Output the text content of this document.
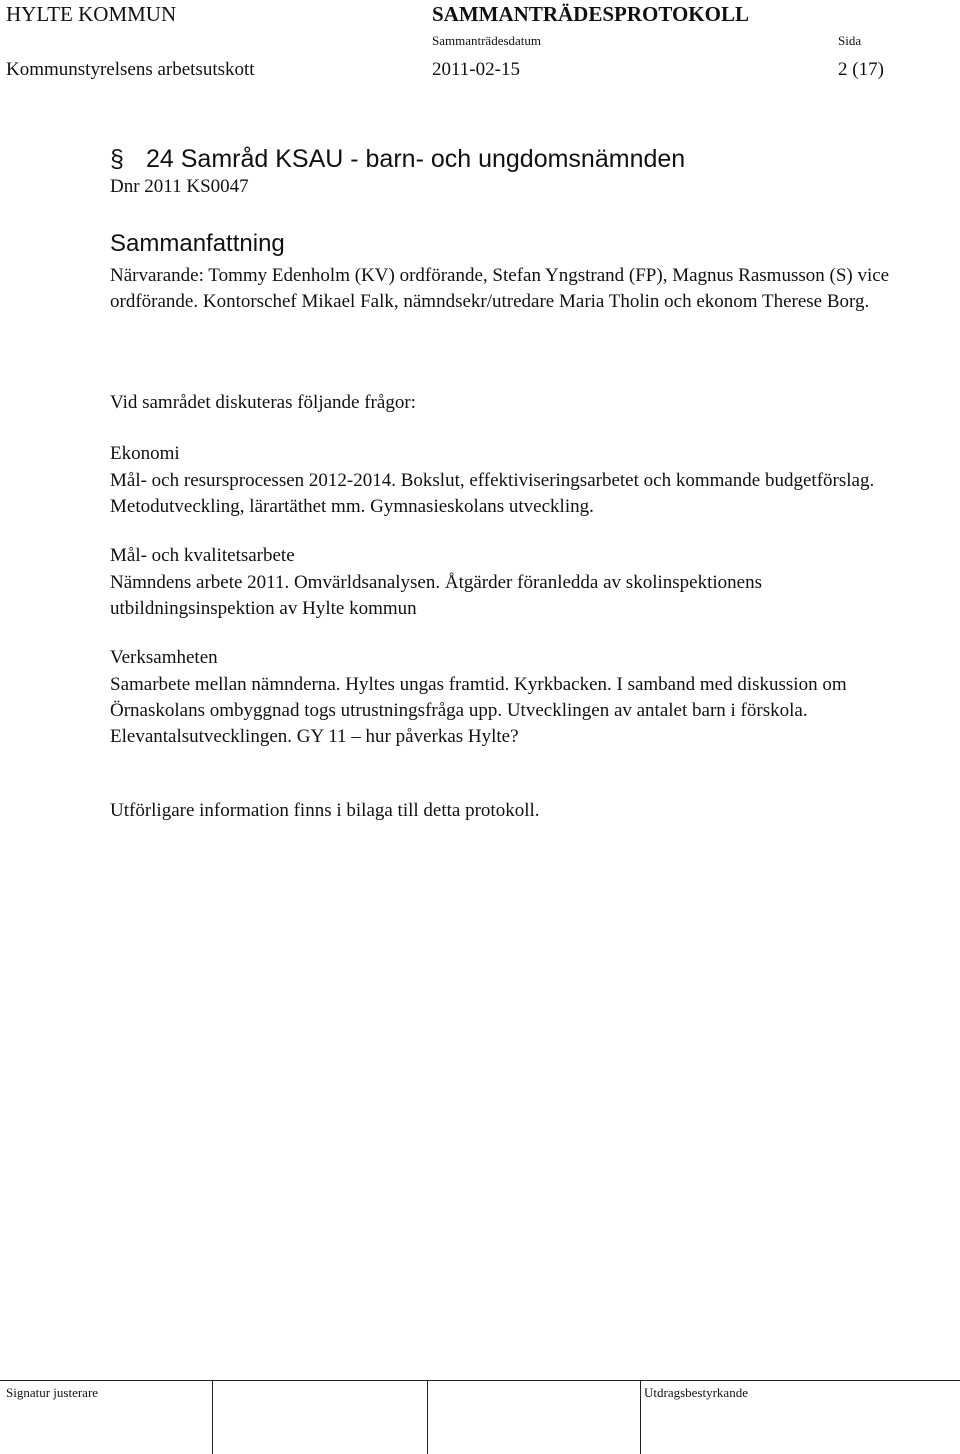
HYLTE KOMMUN	SAMMANTRÄDESPROTOKOLL
Sammanträdesdatum	Sida
Kommunstyrelsens arbetsutskott	2011-02-15	2 (17)
§ 24 Samråd KSAU - barn- och ungdomsnämnden
Dnr 2011 KS0047
Sammanfattning
Närvarande: Tommy Edenholm (KV) ordförande, Stefan Yngstrand (FP), Magnus Rasmusson (S) vice ordförande. Kontorschef Mikael Falk, nämndsekr/utredare Maria Tholin och ekonom Therese Borg.
Vid samrådet diskuteras följande frågor:
Ekonomi
Mål- och resursprocessen 2012-2014. Bokslut, effektiviseringsarbetet och kommande budgetförslag. Metodutveckling, lärartäthet mm. Gymnasieskolans utveckling.
Mål- och kvalitetsarbete
Nämndens arbete 2011. Omvärldsanalysen. Åtgärder föranledda av skolinspektionens utbildningsinspektion av Hylte kommun
Verksamheten
Samarbete mellan nämnderna. Hyltes ungas framtid. Kyrkbacken. I samband med diskussion om Örnaskolans ombyggnad togs utrustningsfråga upp. Utvecklingen av antalet barn i förskola. Elevantalsutvecklingen. GY 11 – hur påverkas Hylte?
Utförligare information finns i bilaga till detta protokoll.
Signatur justerare	Utdragsbestyrkande
